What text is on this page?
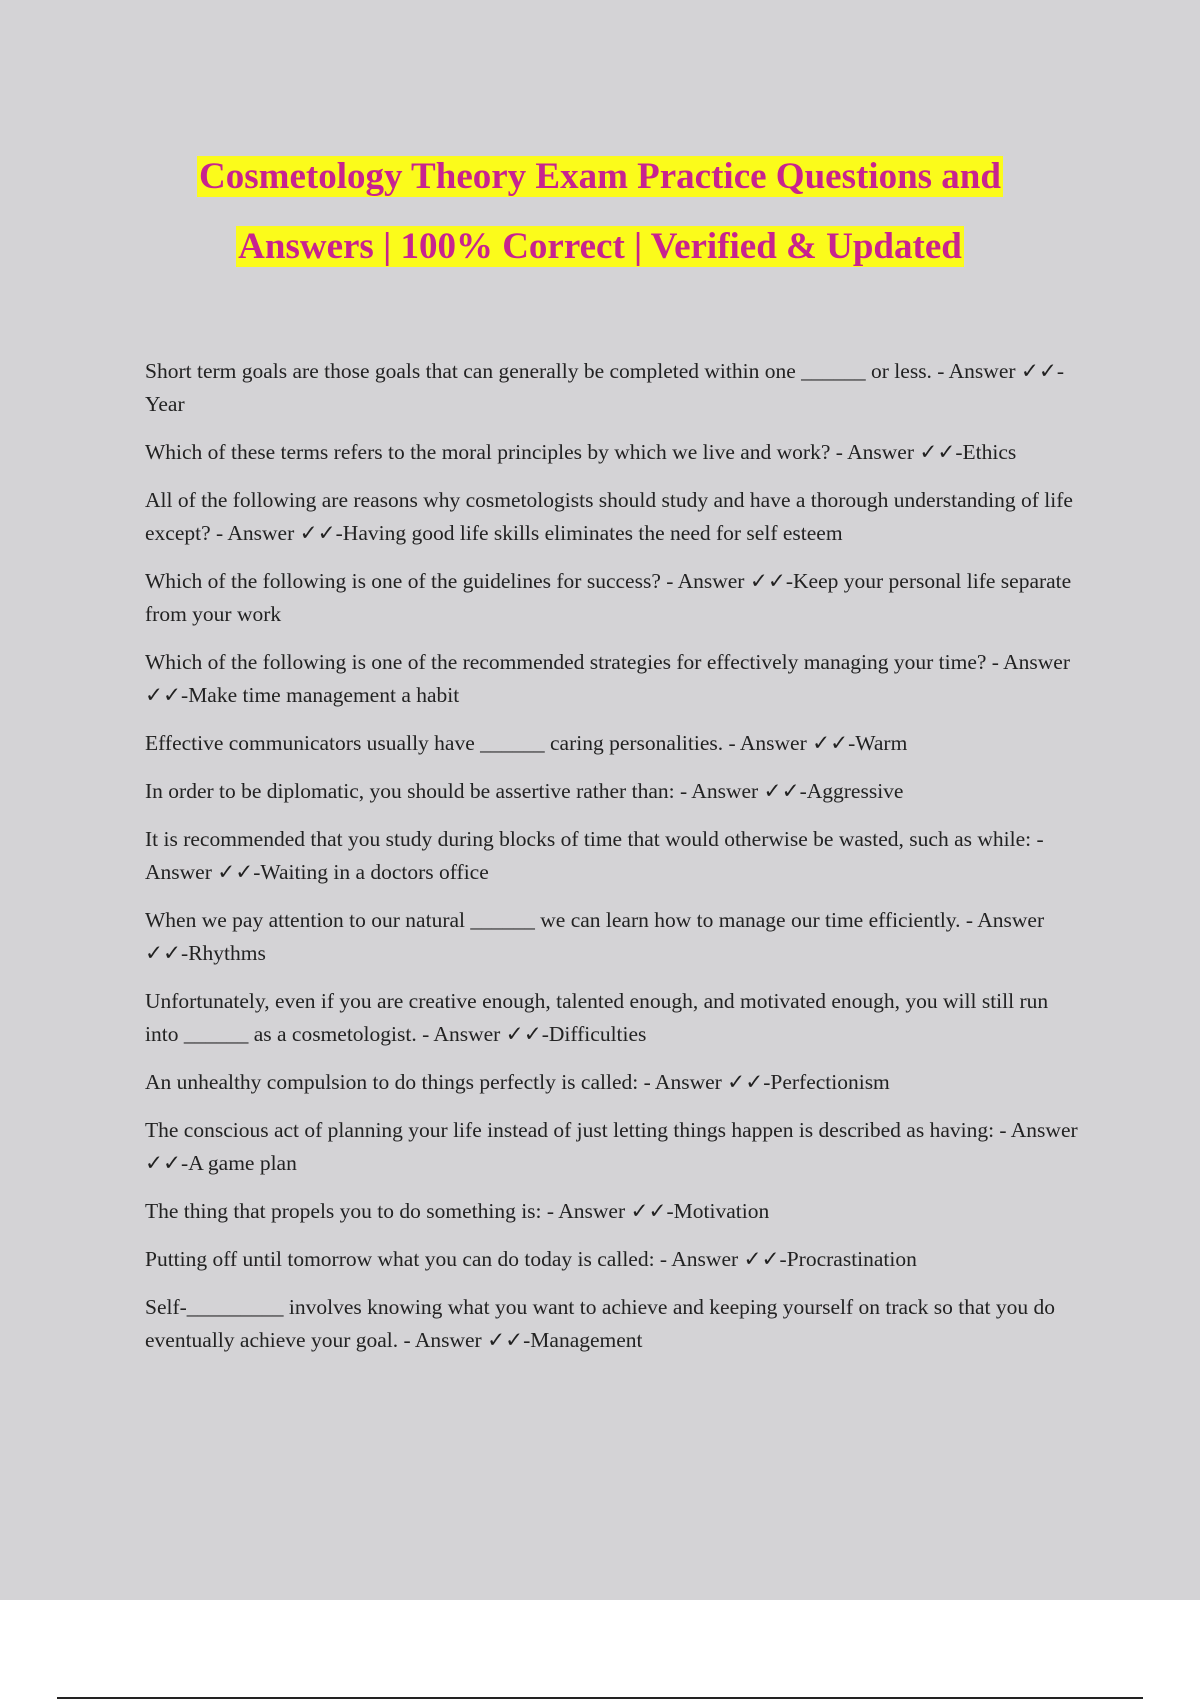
Cosmetology Theory Exam Practice Questions and
Answers | 100% Correct | Verified & Updated
Short term goals are those goals that can generally be completed within one ______ or less. - Answer ✓✓-Year
Which of these terms refers to the moral principles by which we live and work? - Answer ✓✓-Ethics
All of the following are reasons why cosmetologists should study and have a thorough understanding of life except? - Answer ✓✓-Having good life skills eliminates the need for self esteem
Which of the following is one of the guidelines for success? - Answer ✓✓-Keep your personal life separate from your work
Which of the following is one of the recommended strategies for effectively managing your time? - Answer ✓✓-Make time management a habit
Effective communicators usually have ______ caring personalities. - Answer ✓✓-Warm
In order to be diplomatic, you should be assertive rather than: - Answer ✓✓-Aggressive
It is recommended that you study during blocks of time that would otherwise be wasted, such as while: - Answer ✓✓-Waiting in a doctors office
When we pay attention to our natural ______ we can learn how to manage our time efficiently. - Answer ✓✓-Rhythms
Unfortunately, even if you are creative enough, talented enough, and motivated enough, you will still run into ______ as a cosmetologist. - Answer ✓✓-Difficulties
An unhealthy compulsion to do things perfectly is called: - Answer ✓✓-Perfectionism
The conscious act of planning your life instead of just letting things happen is described as having: - Answer ✓✓-A game plan
The thing that propels you to do something is: - Answer ✓✓-Motivation
Putting off until tomorrow what you can do today is called: - Answer ✓✓-Procrastination
Self-_________ involves knowing what you want to achieve and keeping yourself on track so that you do eventually achieve your goal. - Answer ✓✓-Management
